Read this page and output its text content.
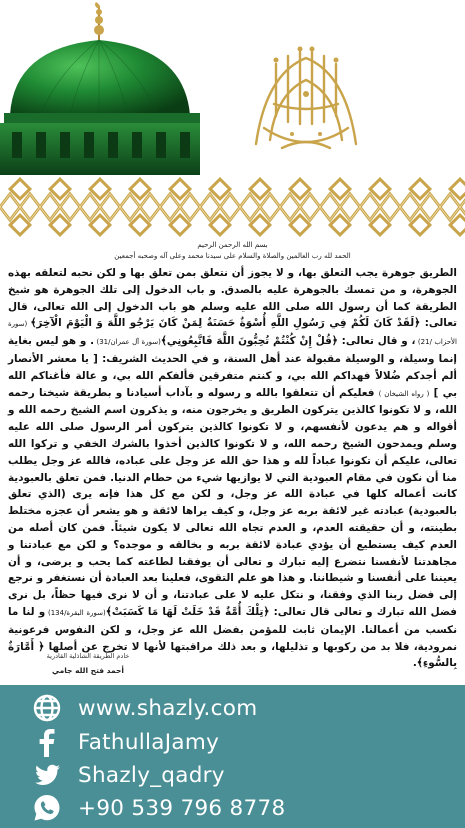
بسم الله الرحمن الرحيم
الحمد لله رب العالمين والصلاة والسلام على سيدنا محمد وعلى آله وصحبه أجمعين

الطريق جوهرة يجب التعلق بها، و لا يجوز أن نتعلق بمن تعلق بها و لكن نحبه لتعلقه بهذه الجوهرة، و من تمسك بالجوهرة عليه بالصدق. و باب الدخول إلى تلك الجوهرة هو شيخ الطريقة كما أن رسول الله صلى الله عليه وسلم هو باب الدخول إلى الله تعالى، قال تعالى: ﴿لَقَدْ كَانَ لَكُمْ فِي رَسُولِ اللَّهِ أُسْوَةٌ حَسَنَةٌ لِمَنْ كَانَ يَرْجُو اللَّهَ وَ الْيَوْمَ الْآخِرَ﴾ (سورة الأحزاب /21) ، و قال تعالى: ﴿قُلْ إِنْ كُنْتُمْ تُحِبُّونَ اللَّهَ فَاتَّبِعُونِي﴾(سورة آل عمران/31) . و هو ليس بغاية إنما وسيلة، و الوسيلة مقبولة عند أهل السنة، و في الحديث الشريف: [ يا معشر الأنصار ألم أجدكم ضُلالاً فهداكم الله بي، و كنتم متفرقين فألفكم الله بي، و عالة فأغناكم الله بي ] ( رواه الشيخان ) فعليكم أن تتعلقوا بالله و رسوله و بآداب أسيادنا و بطريقة شيخنا رحمه الله، و لا تكونوا كالذين يتركون الطريق و يخرجون منه، و يذكرون اسم الشيخ رحمه الله و أقواله و هم يدعون لأنفسهم، و لا تكونوا كالذين يتركون أمر الرسول صلى الله عليه وسلم ويمدحون الشيخ رحمه الله، و لا تكونوا كالذين أخذوا بالشرك الخفي و تركوا الله تعالى، عليكم أن تكونوا عباداً لله و هذا حق الله عز وجل على عباده، فالله عز وجل يطلب منا أن نكون في مقام العبودية التي لا يوازيها شيء من حطام الدنيا. فمن تعلق بالعبودية كانت أعماله كلها في عبادة الله عز وجل، و لكن مع كل هذا فإنه يرى (الذي تعلق بالعبودية) عبادته غير لائقة بربه عز وجل، و كيف يراها لائقة و هو يشعر أن عجزه مختلط بطينته، و أن حقيقته العدم، و العدم تجاه الله تعالى لا يكون شيئاً. فمن كان أصله من العدم كيف يستطيع أن يؤدي عبادة لائقة بربه و بخالقه و موجده؟ و لكن مع عبادتنا و مجاهدتنا لأنفسنا نتضرع إليه تبارك و تعالى أن يوفقنا لطاعته كما يحب و يرضى، و أن يعيننا على أنفسنا و شيطاننا. و هذا هو علم التقوى، فعلينا بعد العبادة أن نستغفر و نرجع إلى فضل ربنا الذي وفقنا، و نتكل عليه لا على عبادتنا، و أن لا نرى فيها حظاً، بل نرى فضل الله تبارك و تعالى قال تعالى: ﴿تِلْكَ أُمَّةٌ قَدْ خَلَتْ لَهَا مَا كَسَبَتْ﴾(سورة البقرة/134) و لنا ما نكسب من أعمالنا. الإيمان ثابت للمؤمن بفضل الله عز وجل، و لكن النفوس فرعونية نمرودية، فلا بد من ركوبها و تذليلها، و بعد ذلك مراقبتها لأنها لا تخرج عن أصلها ﴿ أَمَّارَةٌ بِالسُّوءِ﴾.

خادم الطريقة الشاذلية القادرية
أحمد فتح الله جامي
www.shazly.com
FathullaJamy
Shazly_qadry
+90 539 796 8778
